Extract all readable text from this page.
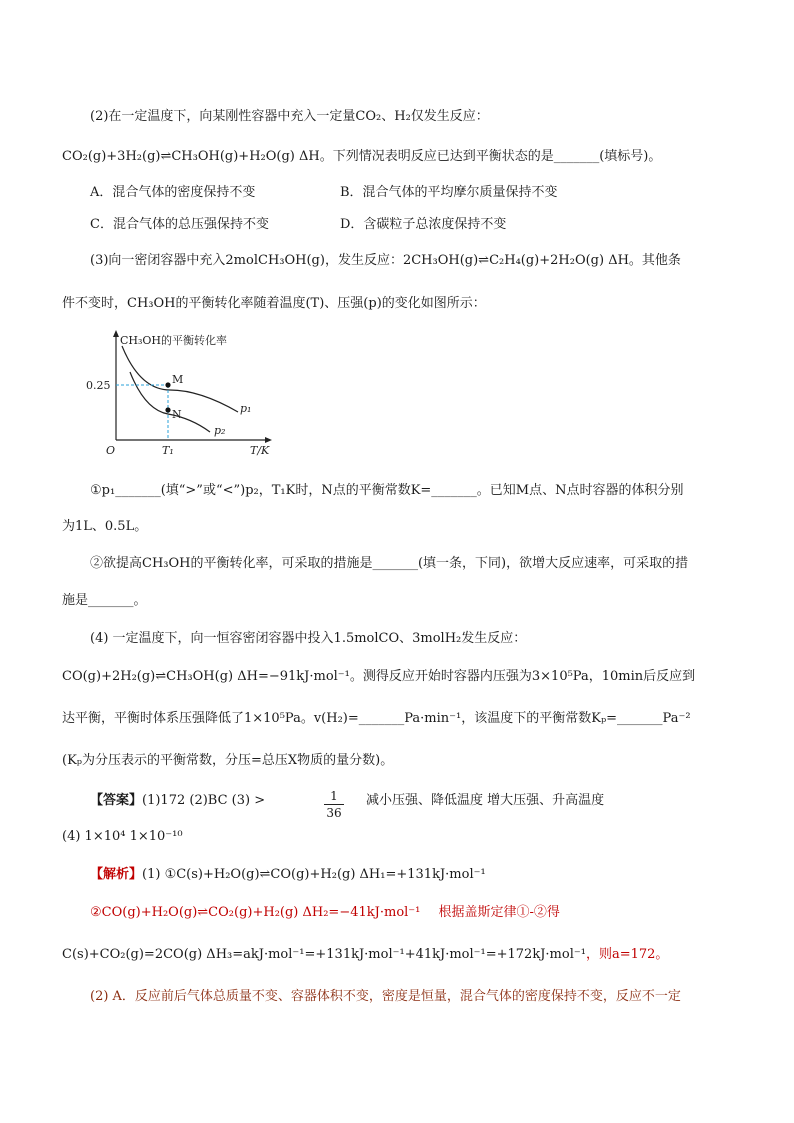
(2)在一定温度下，向某刚性容器中充入一定量CO₂、H₂仅发生反应：
CO₂(g)+3H₂(g)⇌CH₃OH(g)+H₂O(g) ΔH。下列情况表明反应已达到平衡状态的是_______(填标号)。
A．混合气体的密度保持不变	B．混合气体的平均摩尔质量保持不变
C．混合气体的总压强保持不变	D．含碳粒子总浓度保持不变
(3)向一密闭容器中充入2molCH₃OH(g)，发生反应：2CH₃OH(g)⇌C₂H₄(g)+2H₂O(g) ΔH。其他条
件不变时，CH₃OH的平衡转化率随着温度(T)、压强(p)的变化如图所示：
CH₃OH的平衡转化率
0.25	M
N	p₁
p₂
O	T₁	T/K
①p₁_______(填“>”或“<”)p₂，T₁K时，N点的平衡常数K=_______。已知M点、N点时容器的体积分别
为1L、0.5L。
②欲提高CH₃OH的平衡转化率，可采取的措施是_______(填一条，下同)，欲增大反应速率，可采取的措
施是_______。
(4) 一定温度下，向一恒容密闭容器中投入1.5molCO、3molH₂发生反应：
CO(g)+2H₂(g)⇌CH₃OH(g) ΔH=−91kJ·mol⁻¹。测得反应开始时容器内压强为3×10⁵Pa，10min后反应到
达平衡，平衡时体系压强降低了1×10⁵Pa。v(H₂)=_______Pa·min⁻¹，该温度下的平衡常数Kₚ=_______Pa⁻²
(Kₚ为分压表示的平衡常数，分压=总压X物质的量分数)。
【答案】(1)172 (2)BC (3) >	1
36
减小压强、降低温度 增大压强、升高温度
(4) 1×10⁴ 1×10⁻¹⁰
【解析】(1) ①C(s)+H₂O(g)⇌CO(g)+H₂(g) ΔH₁=+131kJ·mol⁻¹
②CO(g)+H₂O(g)⇌CO₂(g)+H₂(g) ΔH₂=−41kJ·mol⁻¹ 根据盖斯定律①-②得
C(s)+CO₂(g)=2CO(g) ΔH₃=akJ·mol⁻¹=+131kJ·mol⁻¹+41kJ·mol⁻¹=+172kJ·mol⁻¹，则a=172。
(2) A．反应前后气体总质量不变、容器体积不变，密度是恒量，混合气体的密度保持不变，反应不一定
